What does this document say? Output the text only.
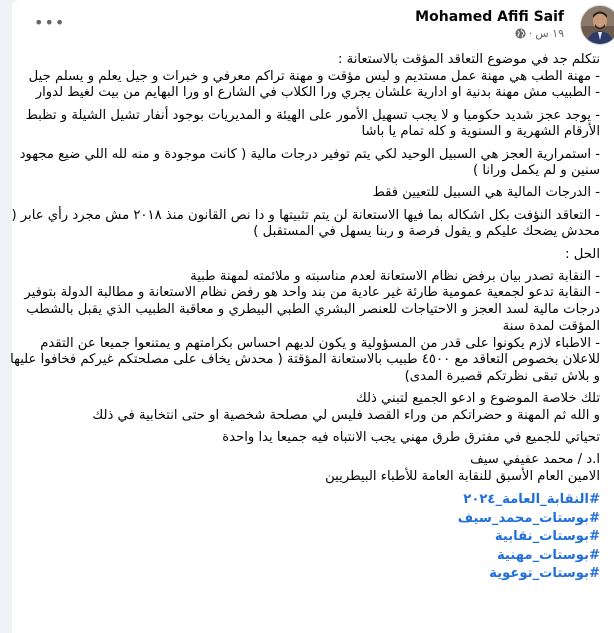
•••	Mohamed Afifi Saif
١٩ س
·

نتكلم جد في موضوع التعاقد المؤقت بالاستعانة :
- مهنة الطب هي مهنة عمل مستديم و ليس مؤقت و مهنة تراكم معرفي و خبرات و جيل يعلم و يسلم جيل
- الطبيب مش مهنة بدنية او ادارية علشان يجري ورا الكلاب في الشارع او ورا البهايم من بيت لغيط لدوار

- يوجد عجز شديد حكوميا و لا يجب تسهيل الأمور على الهيئة و المديريات بوجود أنفار تشيل الشيلة و تظبط
الأرقام الشهرية و السنوية و كله تمام يا باشا

- استمرارية العجز هي السبيل الوحيد لكي يتم توفير درجات مالية ( كانت موجودة و منه لله اللي ضيع مجهود
سنين و لم يكمل ورانا )

- الدرجات المالية هي السبيل للتعيين فقط

- التعاقد النؤفت بكل اشكاله بما فيها الاستعانة لن يتم تثبيتها و دا نص القانون منذ ٢٠١٨ مش مجرد رأي عابر (
محدش يضحك عليكم و يقول فرصة و ربنا يسهل في المستقبل )

الحل :

- النقابة تصدر بيان برفض نظام الاستعانة لعدم مناسبته و ملائمته لمهنة طبية
- النقابة تدعو لجمعية عمومية طارئة غير عادية من بند واحد هو رفض نظام الاستعانة و مطالبة الدولة بتوفير
درجات مالية لسد العجز و الاحتياجات للعنصر البشري الطبي البيطري و معاقبة الطبيب الذي يقبل بالشطب
المؤقت لمدة سنة
- الاطباء لازم يكونوا على قدر من المسؤولية و يكون لديهم احساس بكرامتهم و يمتنعوا جميعا عن التقدم
للاعلان بخصوص التعاقد مع ٤٥٠٠ طبيب بالاستعانة المؤقتة ( محدش يخاف على مصلحتكم غيركم فخافوا عليها
و بلاش تبقى نظرتكم قصيرة المدى)

تلك خلاصة الموضوع و ادعو الجميع لتبني ذلك
و الله ثم المهنة و حضراتكم من وراء القصد فليس لي مصلحة شخصية او حتى انتخابية في ذلك

تحياتي للجميع في مفترق طرق مهني يجب الانتباه فيه جميعا يدا واحدة

ا.د / محمد عفيفي سيف
الامين العام الأسبق للنقابة العامة للأطباء البيطريين

#النقابة_العامة_٢٠٢٤
#بوستات_محمد_سيف
#بوستات_نقابية
#بوستات_مهنية
#بوستات_توعوية
